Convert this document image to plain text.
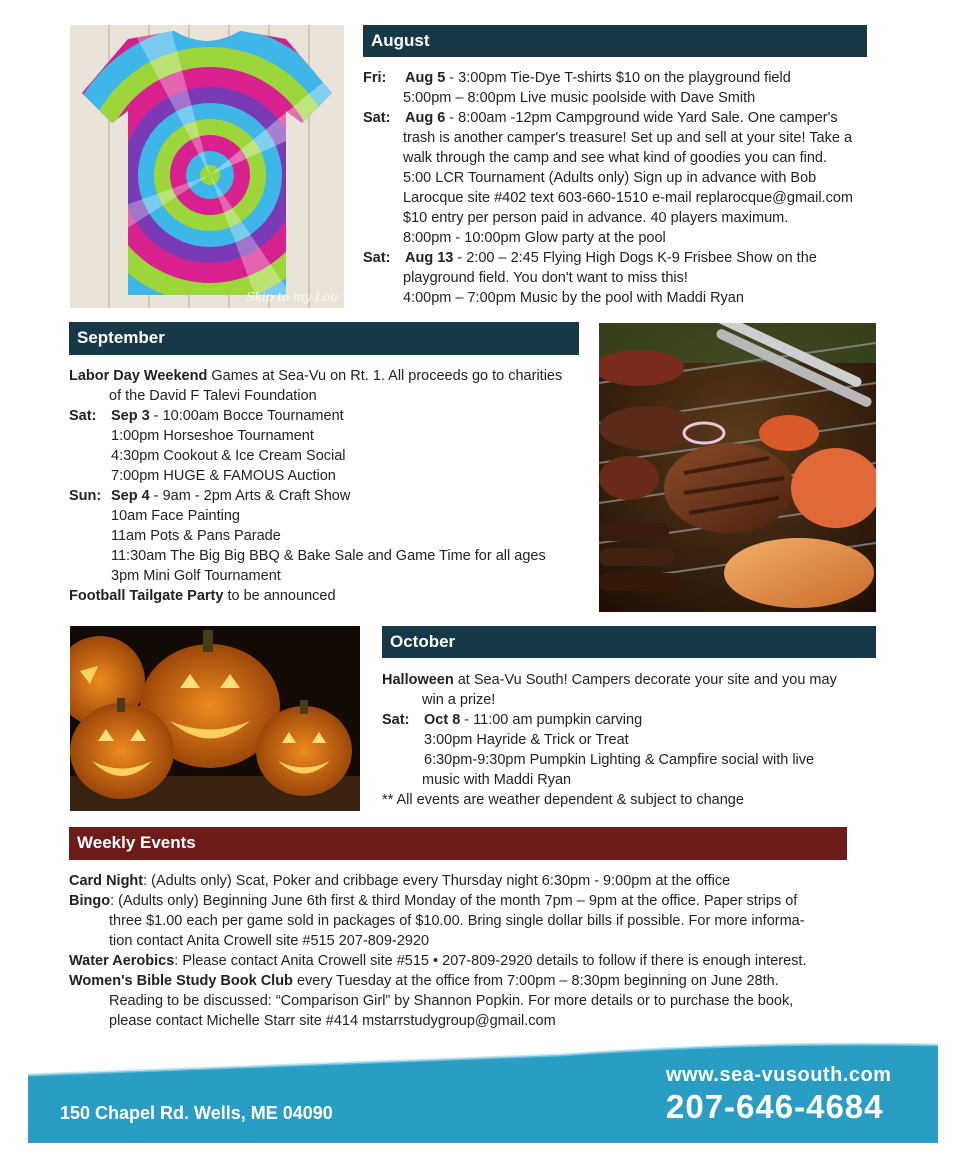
Skip to my Lou
August
Fri: Aug 5 - 3:00pm Tie-Dye T-shirts $10 on the playground field
5:00pm – 8:00pm Live music poolside with Dave Smith
Sat: Aug 6 - 8:00am -12pm Campground wide Yard Sale. One camper's
trash is another camper's treasure! Set up and sell at your site! Take a
walk through the camp and see what kind of goodies you can find.
5:00 LCR Tournament (Adults only) Sign up in advance with Bob
Larocque site #402 text 603-660-1510 e-mail replarocque@gmail.com
$10 entry per person paid in advance. 40 players maximum.
8:00pm - 10:00pm Glow party at the pool
Sat: Aug 13 - 2:00 – 2:45 Flying High Dogs K-9 Frisbee Show on the
playground field. You don't want to miss this!
4:00pm – 7:00pm Music by the pool with Maddi Ryan
September
Labor Day Weekend Games at Sea-Vu on Rt. 1. All proceeds go to charities
of the David F Talevi Foundation
Sat: Sep 3 - 10:00am Bocce Tournament
1:00pm Horseshoe Tournament
4:30pm Cookout & Ice Cream Social
7:00pm HUGE & FAMOUS Auction
Sun: Sep 4 - 9am - 2pm Arts & Craft Show
10am Face Painting
11am Pots & Pans Parade
11:30am The Big Big BBQ & Bake Sale and Game Time for all ages
3pm Mini Golf Tournament
Football Tailgate Party to be announced
October
Halloween at Sea-Vu South! Campers decorate your site and you may
win a prize!
Sat: Oct 8 - 11:00 am pumpkin carving
3:00pm Hayride & Trick or Treat
6:30pm-9:30pm Pumpkin Lighting & Campfire social with live
music with Maddi Ryan
** All events are weather dependent & subject to change
Weekly Events
Card Night: (Adults only) Scat, Poker and cribbage every Thursday night 6:30pm - 9:00pm at the office
Bingo: (Adults only) Beginning June 6th first & third Monday of the month 7pm – 9pm at the office. Paper strips of
three $1.00 each per game sold in packages of $10.00. Bring single dollar bills if possible. For more informa-
tion contact Anita Crowell site #515 207-809-2920
Water Aerobics: Please contact Anita Crowell site #515 • 207-809-2920 details to follow if there is enough interest.
Women's Bible Study Book Club every Tuesday at the office from 7:00pm – 8:30pm beginning on June 28th.
Reading to be discussed: “Comparison Girl” by Shannon Popkin. For more details or to purchase the book,
please contact Michelle Starr site #414 mstarrstudygroup@gmail.com
150 Chapel Rd. Wells, ME 04090
www.sea-vusouth.com
207-646-4684
